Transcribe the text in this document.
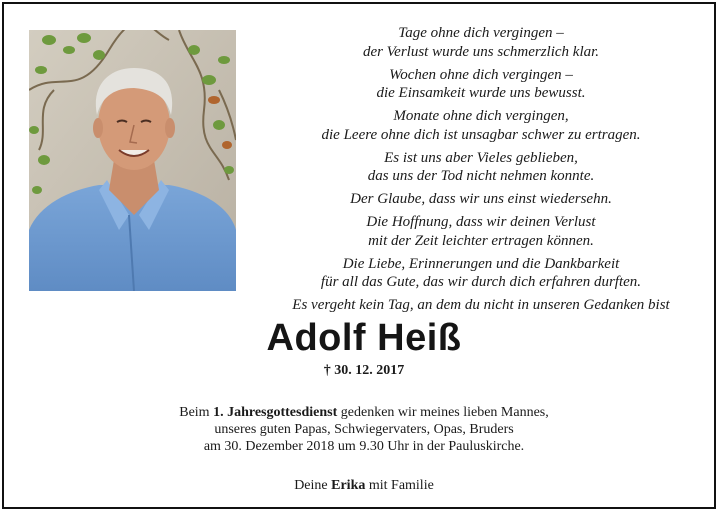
Tage ohne dich vergingen –
der Verlust wurde uns schmerzlich klar.
Wochen ohne dich vergingen –
die Einsamkeit wurde uns bewusst.
Monate ohne dich vergingen,
die Leere ohne dich ist unsagbar schwer zu ertragen.
Es ist uns aber Vieles geblieben,
das uns der Tod nicht nehmen konnte.
Der Glaube, dass wir uns einst wiedersehn.
Die Hoffnung, dass wir deinen Verlust
mit der Zeit leichter ertragen können.
Die Liebe, Erinnerungen und die Dankbarkeit
für all das Gute, das wir durch dich erfahren durften.
Es vergeht kein Tag, an dem du nicht in unseren Gedanken bist
Adolf Heiß
† 30. 12. 2017
Beim 1. Jahresgottesdienst gedenken wir meines lieben Mannes,
unseres guten Papas, Schwiegervaters, Opas, Bruders
am 30. Dezember 2018 um 9.30 Uhr in der Pauluskirche.
Deine Erika mit Familie
